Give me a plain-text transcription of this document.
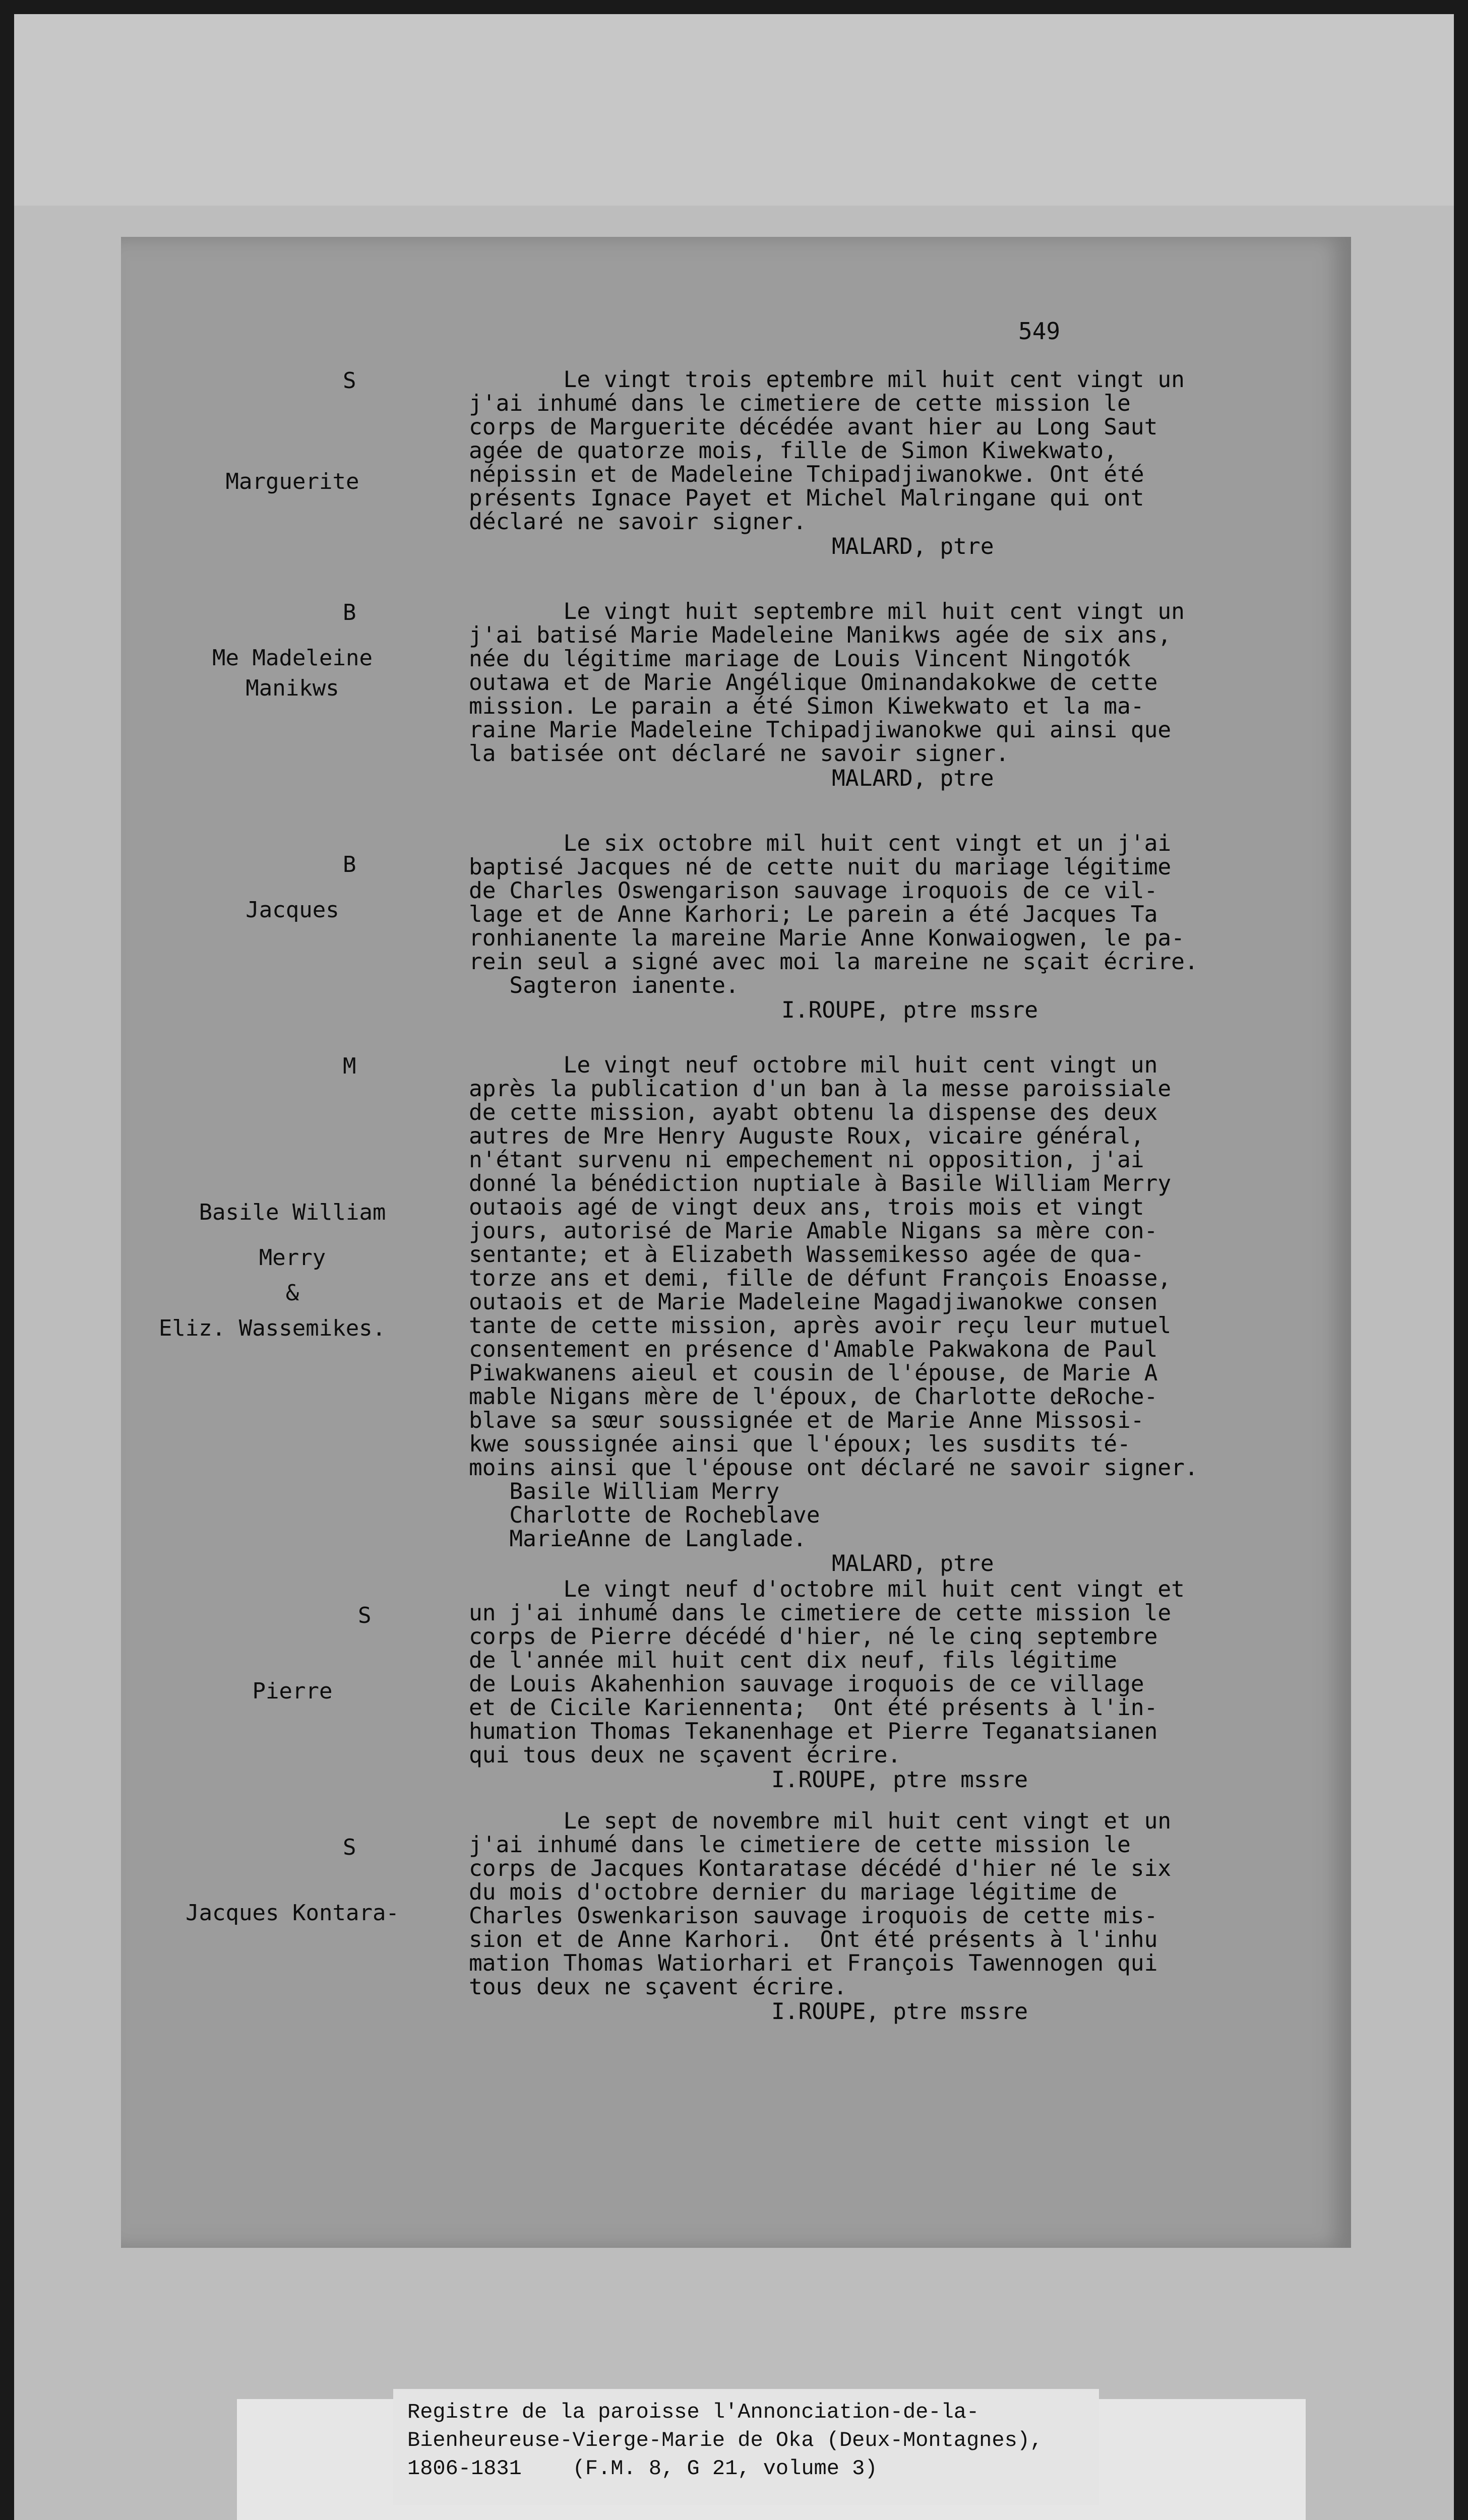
549
S
Marguerite
Le vingt trois eptembre mil huit cent vingt un
j'ai inhumé dans le cimetiere de cette mission le
corps de Marguerite décédée avant hier au Long Saut
agée de quatorze mois, fille de Simon Kiwekwato,
népissin et de Madeleine Tchipadjiwanokwe. Ont été
présents Ignace Payet et Michel Malringane qui ont
déclaré ne savoir signer.
MALARD, ptre
B
Me Madeleine
Manikws
Le vingt huit septembre mil huit cent vingt un
j'ai batisé Marie Madeleine Manikws agée de six ans,
née du légitime mariage de Louis Vincent Ningotók
outawa et de Marie Angélique Ominandakokwe de cette
mission. Le parain a été Simon Kiwekwato et la ma-
raine Marie Madeleine Tchipadjiwanokwe qui ainsi que
la batisée ont déclaré ne savoir signer.
MALARD, ptre
B
Jacques
Le six octobre mil huit cent vingt et un j'ai
baptisé Jacques né de cette nuit du mariage légitime
de Charles Oswengarison sauvage iroquois de ce vil-
lage et de Anne Karhori; Le parein a été Jacques Ta
ronhianente la mareine Marie Anne Konwaiogwen, le pa-
rein seul a signé avec moi la mareine ne sçait écrire.
Sagteron ianente.
I.ROUPE, ptre mssre
M
Basile William
Merry
&
Eliz. Wassemikes.
Le vingt neuf octobre mil huit cent vingt un
après la publication d'un ban à la messe paroissiale
de cette mission, ayabt obtenu la dispense des deux
autres de Mre Henry Auguste Roux, vicaire général,
n'étant survenu ni empechement ni opposition, j'ai
donné la bénédiction nuptiale à Basile William Merry
outaois agé de vingt deux ans, trois mois et vingt
jours, autorisé de Marie Amable Nigans sa mère con-
sentante; et à Elizabeth Wassemikesso agée de qua-
torze ans et demi, fille de défunt François Enoasse,
outaois et de Marie Madeleine Magadjiwanokwe consen
tante de cette mission, après avoir reçu leur mutuel
consentement en présence d'Amable Pakwakona de Paul
Piwakwanens aieul et cousin de l'épouse, de Marie A
mable Nigans mère de l'époux, de Charlotte deRoche-
blave sa sœur soussignée et de Marie Anne Missosi-
kwe soussignée ainsi que l'époux; les susdits té-
moins ainsi que l'épouse ont déclaré ne savoir signer.
Basile William Merry
Charlotte de Rocheblave
MarieAnne de Langlade.
MALARD, ptre
S
Pierre
Le vingt neuf d'octobre mil huit cent vingt et
un j'ai inhumé dans le cimetiere de cette mission le
corps de Pierre décédé d'hier, né le cinq septembre
de l'année mil huit cent dix neuf, fils légitime
de Louis Akahenhion sauvage iroquois de ce village
et de Cicile Kariennenta;  Ont été présents à l'in-
humation Thomas Tekanenhage et Pierre Teganatsianen
qui tous deux ne sçavent écrire.
I.ROUPE, ptre mssre
S
Jacques Kontara-
Le sept de novembre mil huit cent vingt et un
j'ai inhumé dans le cimetiere de cette mission le
corps de Jacques Kontaratase décédé d'hier né le six
du mois d'octobre dernier du mariage légitime de
Charles Oswenkarison sauvage iroquois de cette mis-
sion et de Anne Karhori.  Ont été présents à l'inhu
mation Thomas Watiorhari et François Tawennogen qui
tous deux ne sçavent écrire.
I.ROUPE, ptre mssre
Registre de la paroisse l'Annonciation-de-la-
Bienheureuse-Vierge-Marie de Oka (Deux-Montagnes),
1806-1831    (F.M. 8, G 21, volume 3)
